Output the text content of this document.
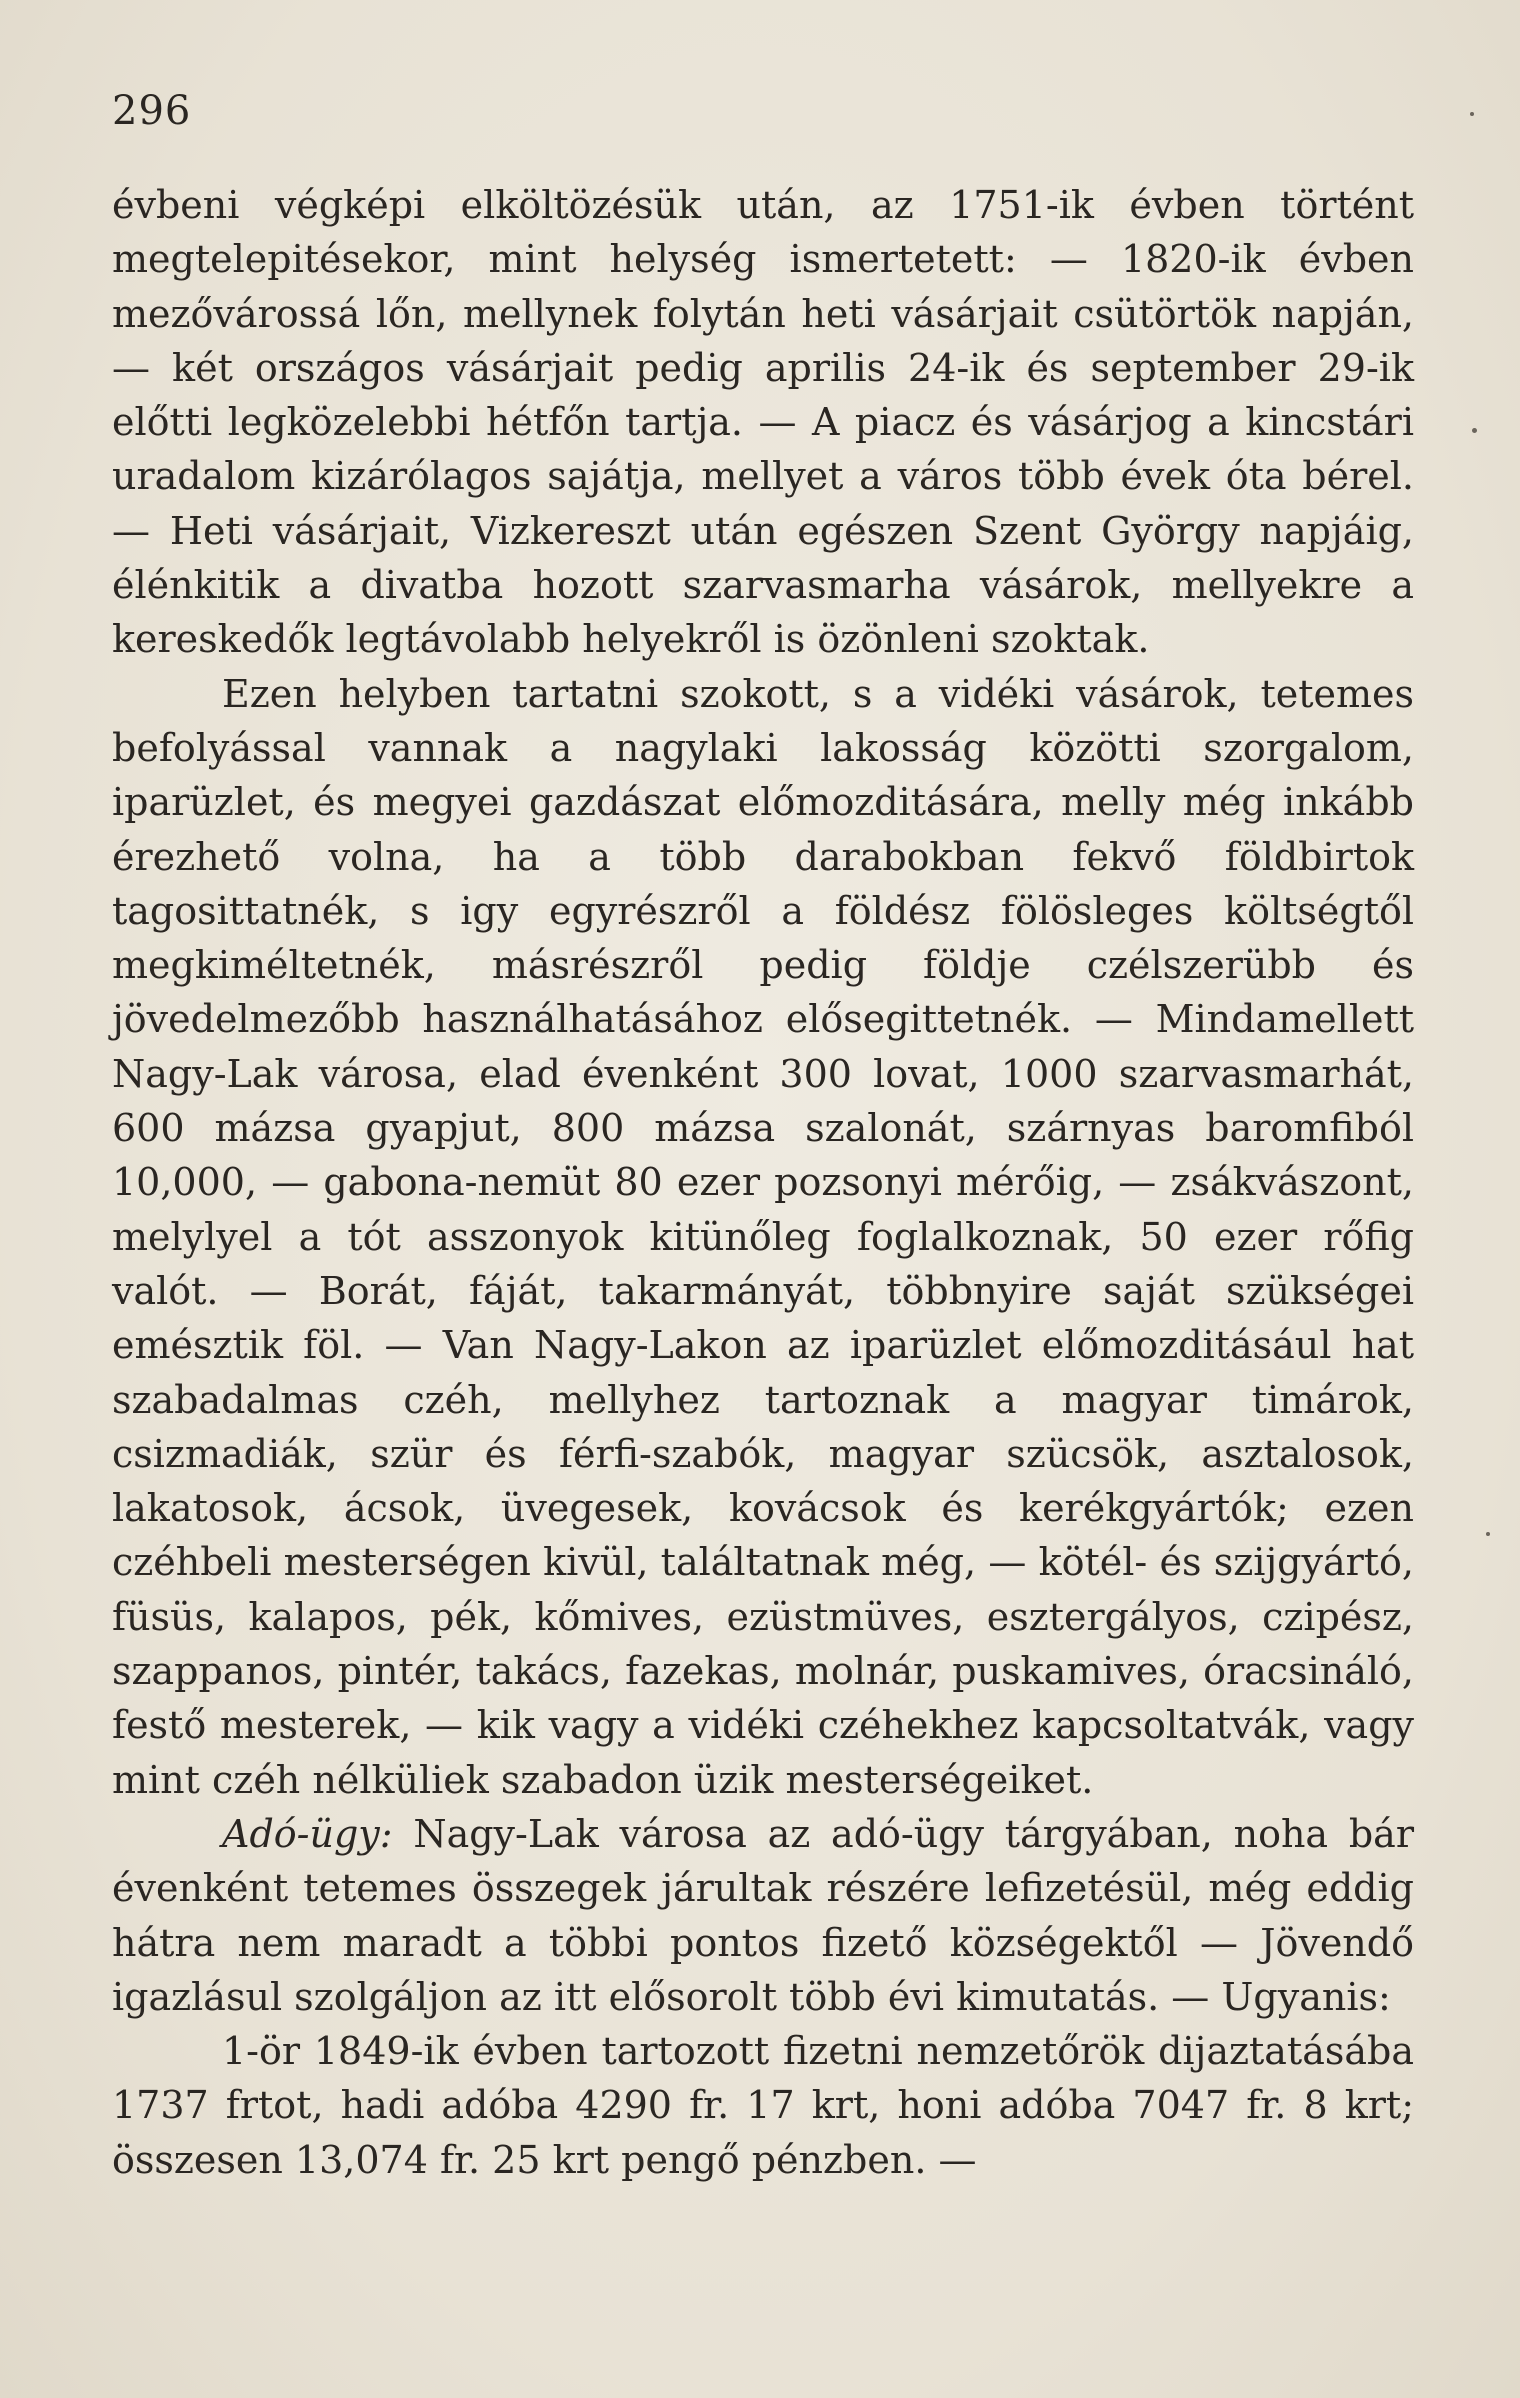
296

évbeni végképi elköltözésük után, az 1751-ik évben történt megtelepitésekor, mint helység ismertetett: — 1820-ik évben mezővárossá lőn, mellynek folytán heti vásárjait csütörtök napján, — két országos vásárjait pedig aprilis 24-ik és september 29-ik előtti legközelebbi hétfőn tartja. — A piacz és vásárjog a kincstári uradalom kizárólagos sajátja, mellyet a város több évek óta bérel. — Heti vásárjait, Vizkereszt után egészen Szent György napjáig, élénkitik a divatba hozott szarvasmarha vásárok, mellyekre a kereskedők legtávolabb helyekről is özönleni szoktak.

Ezen helyben tartatni szokott, s a vidéki vásárok, tetemes befolyással vannak a nagylaki lakosság közötti szorgalom, iparüzlet, és megyei gazdászat előmozditására, melly még inkább érezhető volna, ha a több darabokban fekvő földbirtok tagosittatnék, s igy egyrészről a földész fölösleges költségtől megkiméltetnék, másrészről pedig földje czélszerübb és jövedelmezőbb használhatásához elősegittetnék. — Mindamellett Nagy-Lak városa, elad évenként 300 lovat, 1000 szarvasmarhát, 600 mázsa gyapjut, 800 mázsa szalonát, szárnyas baromfiból 10,000, — gabona-nemüt 80 ezer pozsonyi mérőig, — zsákvászont, melylyel a tót asszonyok kitünőleg foglalkoznak, 50 ezer rőfig valót. — Borát, fáját, takarmányát, többnyire saját szükségei emésztik föl. — Van Nagy-Lakon az iparüzlet előmozditásául hat szabadalmas czéh, mellyhez tartoznak a magyar timárok, csizmadiák, szür és férfi-szabók, magyar szücsök, asztalosok, lakatosok, ácsok, üvegesek, kovácsok és kerékgyártók; ezen czéhbeli mesterségen kivül, találtatnak még, — kötél- és szijgyártó, füsüs, kalapos, pék, kőmives, ezüstmüves, esztergályos, czipész, szappanos, pintér, takács, fazekas, molnár, puskamives, óracsináló, festő mesterek, — kik vagy a vidéki czéhekhez kapcsoltatvák, vagy mint czéh nélküliek szabadon üzik mesterségeiket.

Adó-ügy: Nagy-Lak városa az adó-ügy tárgyában, noha bár évenként tetemes összegek járultak részére lefizetésül, még eddig hátra nem maradt a többi pontos fizető községektől — Jövendő igazlásul szolgáljon az itt elősorolt több évi kimutatás. — Ugyanis:

1-ör 1849-ik évben tartozott fizetni nemzetőrök dijaztatásába 1737 frtot, hadi adóba 4290 fr. 17 krt, honi adóba 7047 fr. 8 krt; összesen 13,074 fr. 25 krt pengő pénzben. —
